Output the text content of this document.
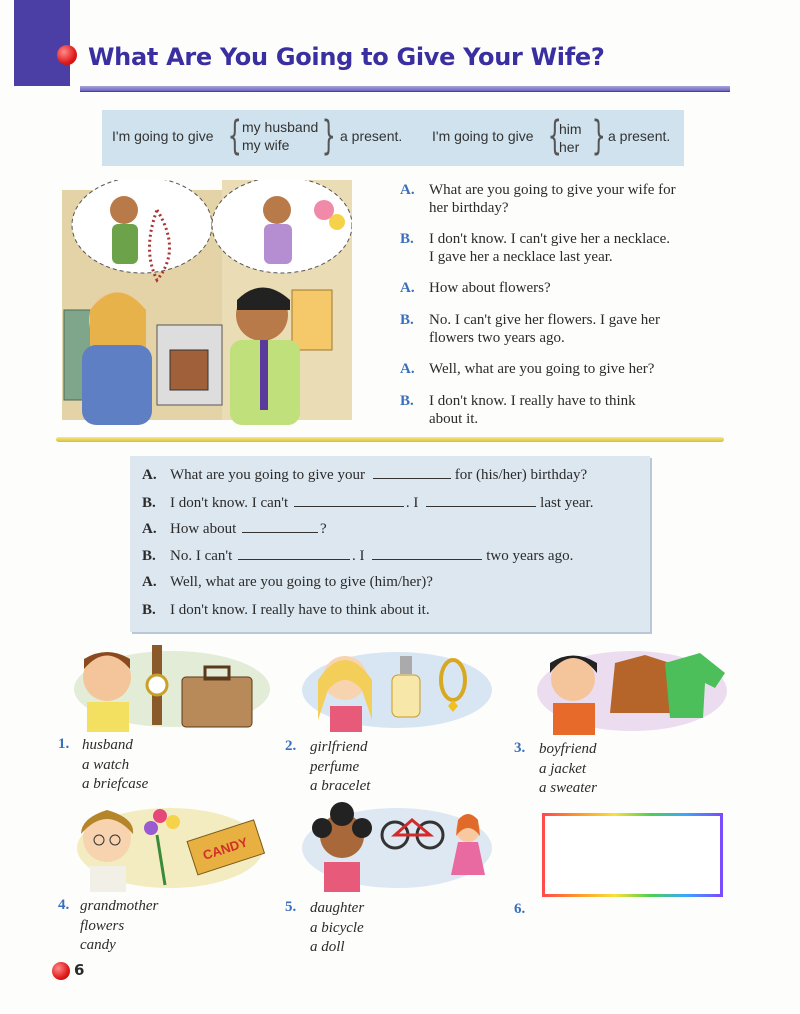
What Are You Going to Give Your Wife?
I'm going to give { my husband
my wife } a present. I'm going to give {
him
her } a present.
A. What are you going to give your wife for
her birthday?
B. I don't know. I can't give her a necklace.
I gave her a necklace last year.
A. How about flowers?
B. No. I can't give her flowers. I gave her
flowers two years ago.
A. Well, what are you going to give her?
B. I don't know. I really have to think
about it.
A. What are you going to give your	for (his/her) birthday?
B. I don't know. I can't	. I	last year.
A. How about	?
B. No. I can't	. I	two years ago.
A. Well, what are you going to give (him/her)?
B. I don't know. I really have to think about it.
CANDY
1. husband
a watch
a briefcase
2. girlfriend
perfume
a bracelet
3. boyfriend
a jacket
a sweater
4. grandmother
flowers
candy
5. daughter
a bicycle
a doll
6.
6
